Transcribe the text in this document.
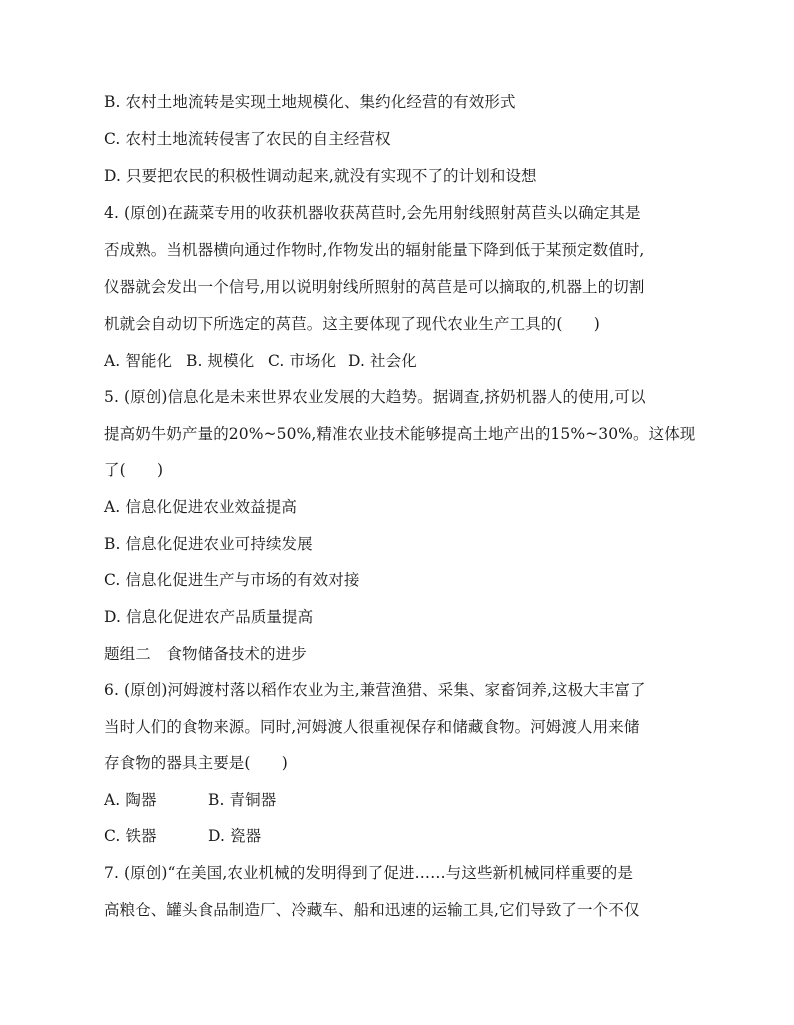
B. 农村土地流转是实现土地规模化、集约化经营的有效形式
C. 农村土地流转侵害了农民的自主经营权
D. 只要把农民的积极性调动起来,就没有实现不了的计划和设想
4. (原创)在蔬菜专用的收获机器收获莴苣时,会先用射线照射莴苣头以确定其是
否成熟。当机器横向通过作物时,作物发出的辐射能量下降到低于某预定数值时,
仪器就会发出一个信号,用以说明射线所照射的莴苣是可以摘取的,机器上的切割
机就会自动切下所选定的莴苣。这主要体现了现代农业生产工具的(　　)
A. 智能化 B. 规模化 C. 市场化 D. 社会化
5. (原创)信息化是未来世界农业发展的大趋势。据调查,挤奶机器人的使用,可以
提高奶牛奶产量的20%~50%,精准农业技术能够提高土地产出的15%~30%。这体现
了(　　)
A. 信息化促进农业效益提高
B. 信息化促进农业可持续发展
C. 信息化促进生产与市场的有效对接
D. 信息化促进农产品质量提高
题组二　食物储备技术的进步
6. (原创)河姆渡村落以稻作农业为主,兼营渔猎、采集、家畜饲养,这极大丰富了
当时人们的食物来源。同时,河姆渡人很重视保存和储藏食物。河姆渡人用来储
存食物的器具主要是(　　)
A. 陶器	B. 青铜器
C. 铁器	D. 瓷器
7. (原创)“在美国,农业机械的发明得到了促进……与这些新机械同样重要的是
高粮仓、罐头食品制造厂、冷藏车、船和迅速的运输工具,它们导致了一个不仅
